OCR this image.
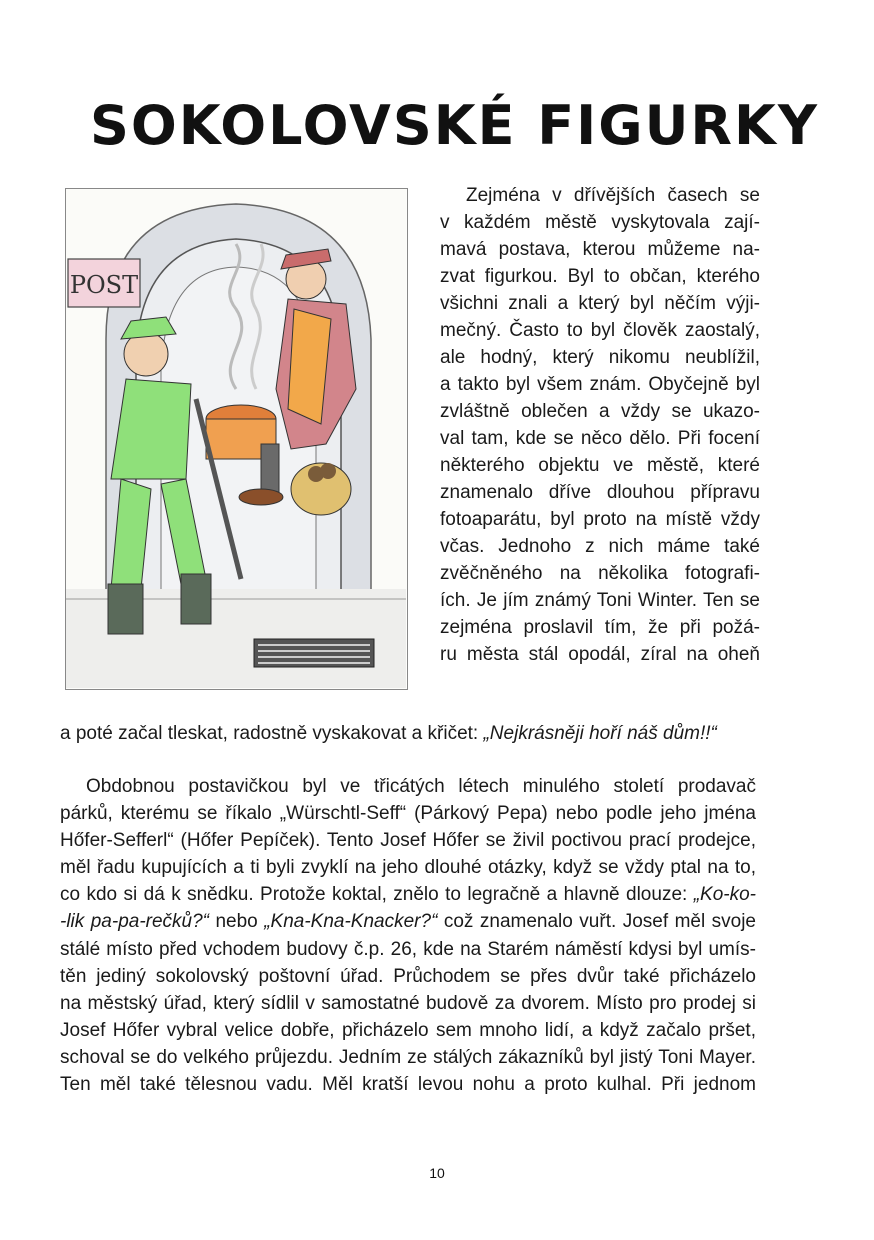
SOKOLOVSKÉ FIGURKY
POST
Zejména v dřívějších časech se
v každém městě vyskytovala zají-
mavá postava, kterou můžeme na-
zvat figurkou. Byl to občan, kterého
všichni znali a který byl něčím výji-
mečný. Často to byl člověk zaostalý,
ale hodný, který nikomu neublížil,
a takto byl všem znám. Obyčejně byl
zvláštně oblečen a vždy se ukazo-
val tam, kde se něco dělo. Při focení
některého objektu ve městě, které
znamenalo dříve dlouhou přípravu
fotoaparátu, byl proto na místě vždy
včas. Jednoho z nich máme také
zvěčněného na několika fotografi-
ích. Je jím známý Toni Winter. Ten se
zejména proslavil tím, že při požá-
ru města stál opodál, zíral na oheň
a poté začal tleskat, radostně vyskakovat a křičet: „Nejkrásněji hoří náš dům!!“
Obdobnou postavičkou byl ve třicátých létech minulého století prodavač
párků, kterému se říkalo „Würschtl-Seff“ (Párkový Pepa) nebo podle jeho jména
Hőfer-Sefferl“ (Hőfer Pepíček). Tento Josef Hőfer se živil poctivou prací prodejce,
měl řadu kupujících a ti byli zvyklí na jeho dlouhé otázky, když se vždy ptal na to,
co kdo si dá k snědku. Protože koktal, znělo to legračně a hlavně dlouze: „Ko-ko-
-lik pa-pa-rečků?“ nebo „Kna-Kna-Knacker?“ což znamenalo vuřt. Josef měl svoje
stálé místo před vchodem budovy č.p. 26, kde na Starém náměstí kdysi byl umís-
těn jediný sokolovský poštovní úřad. Průchodem se přes dvůr také přicházelo
na městský úřad, který sídlil v samostatné budově za dvorem. Místo pro prodej si
Josef Hőfer vybral velice dobře, přicházelo sem mnoho lidí, a když začalo pršet,
schoval se do velkého průjezdu. Jedním ze stálých zákazníků byl jistý Toni Mayer.
Ten měl také tělesnou vadu. Měl kratší levou nohu a proto kulhal. Při jednom
10
